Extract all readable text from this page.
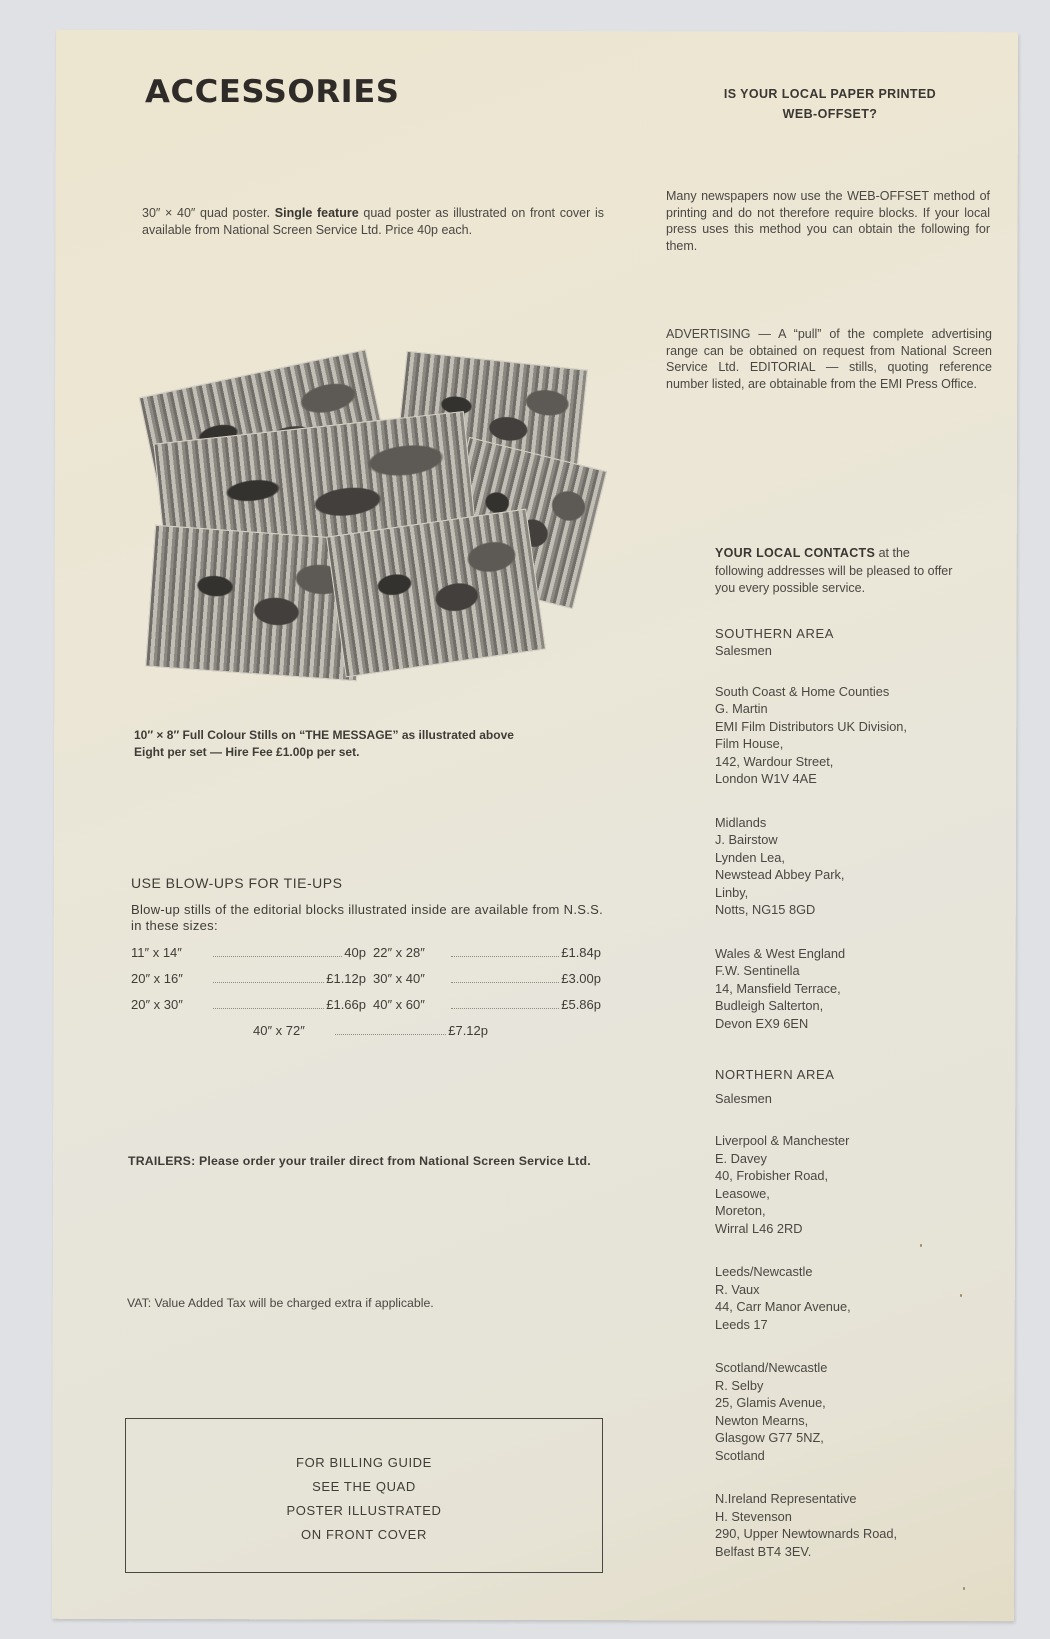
ACCESSORIES
30″ × 40″ quad poster. Single feature quad poster as illustrated on front cover is available from National Screen Service Ltd. Price 40p each.
10″ × 8″ Full Colour Stills on “THE MESSAGE” as illustrated above
Eight per set — Hire Fee £1.00p per set.
USE BLOW-UPS FOR TIE-UPS
Blow-up stills of the editorial blocks illustrated inside are available from N.S.S. in these sizes:
11″ x 14″	40p 22″ x 28″	£1.84p
20″ x 16″	£1.12p 30″ x 40″	£3.00p
20″ x 30″	£1.66p 40″ x 60″	£5.86p
40″ x 72″	£7.12p
TRAILERS: Please order your trailer direct from National Screen Service Ltd.
VAT: Value Added Tax will be charged extra if applicable.
FOR BILLING GUIDE
SEE THE QUAD
POSTER ILLUSTRATED
ON FRONT COVER
IS YOUR LOCAL PAPER PRINTED
WEB-OFFSET?
Many newspapers now use the WEB-OFFSET method of printing and do not therefore require blocks. If your local press uses this method you can obtain the following for them.
ADVERTISING — A “pull” of the complete advertising range can be obtained on request from National Screen Service Ltd. EDITORIAL — stills, quoting reference number listed, are obtainable from the EMI Press Office.
YOUR LOCAL CONTACTS at the following addresses will be pleased to offer you every possible service.
SOUTHERN AREA
Salesmen
South Coast & Home Counties
G. Martin
EMI Film Distributors UK Division,
Film House,
142, Wardour Street,
London W1V 4AE
Midlands
J. Bairstow
Lynden Lea,
Newstead Abbey Park,
Linby,
Notts, NG15 8GD
Wales & West England
F.W. Sentinella
14, Mansfield Terrace,
Budleigh Salterton,
Devon EX9 6EN
NORTHERN AREA
Salesmen
Liverpool & Manchester
E. Davey
40, Frobisher Road,
Leasowe,
Moreton,
Wirral L46 2RD
Leeds/Newcastle
R. Vaux
44, Carr Manor Avenue,
Leeds 17
Scotland/Newcastle
R. Selby
25, Glamis Avenue,
Newton Mearns,
Glasgow G77 5NZ,
Scotland
N.Ireland Representative
H. Stevenson
290, Upper Newtownards Road,
Belfast BT4 3EV.
